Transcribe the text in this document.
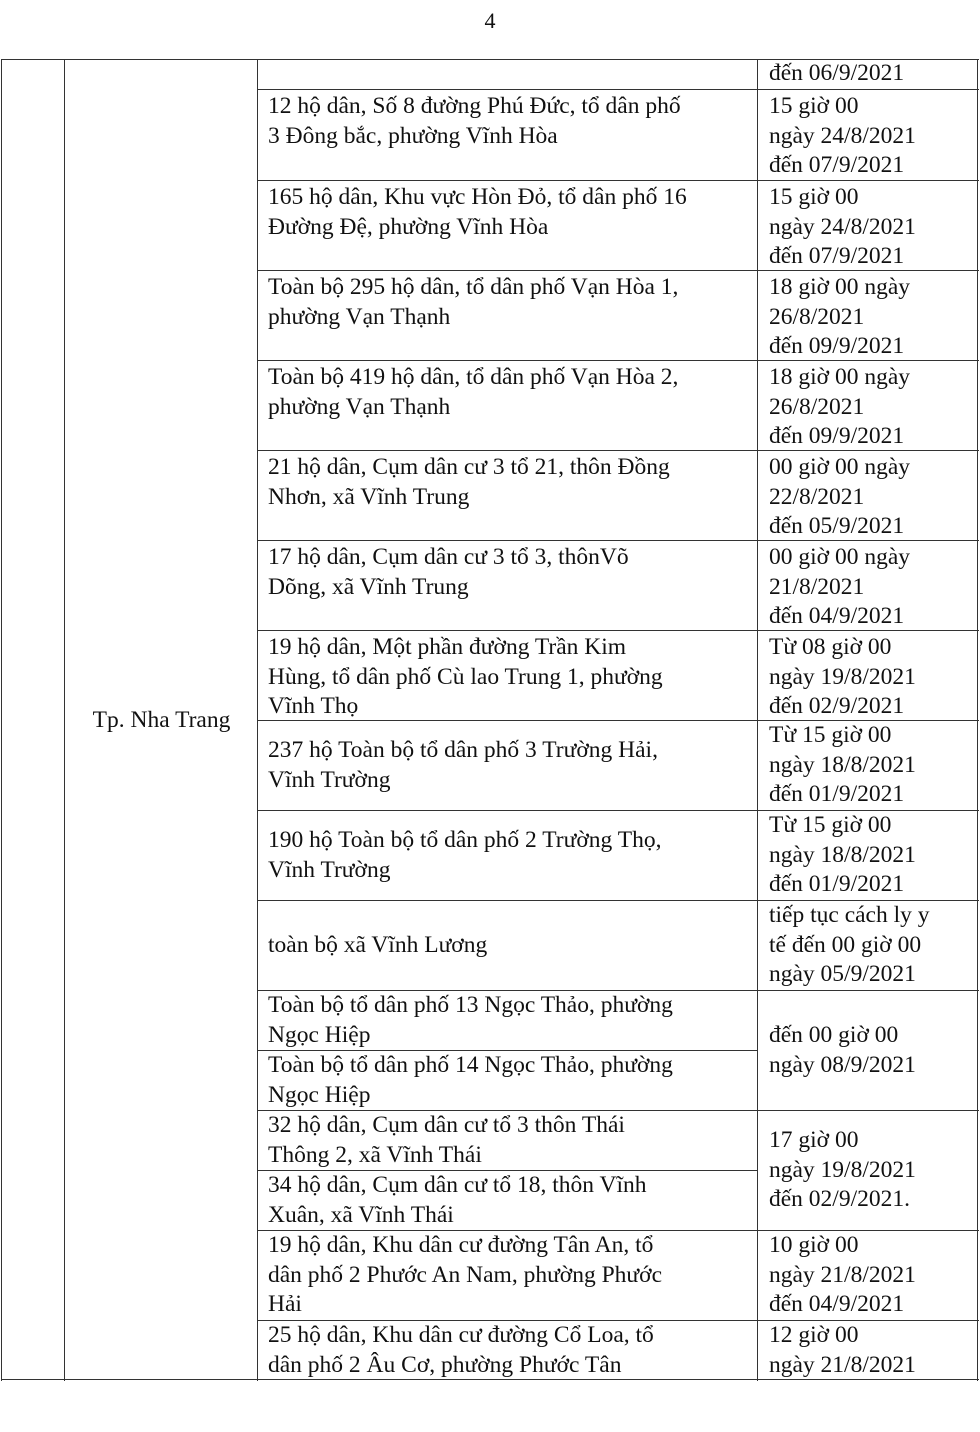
4
Tp. Nha Trang
đến 06/9/2021
12 hộ dân, Số 8 đường Phú Đức, tổ dân phố
3 Đông bắc, phường Vĩnh Hòa
15 giờ 00
ngày 24/8/2021
đến 07/9/2021
165 hộ dân, Khu vực Hòn Đỏ, tổ dân phố 16
Đường Đệ, phường Vĩnh Hòa
15 giờ 00
ngày 24/8/2021
đến 07/9/2021
Toàn bộ 295 hộ dân, tổ dân phố Vạn Hòa 1,
phường Vạn Thạnh
18 giờ 00 ngày
26/8/2021
đến 09/9/2021
Toàn bộ 419 hộ dân, tổ dân phố Vạn Hòa 2,
phường Vạn Thạnh
18 giờ 00 ngày
26/8/2021
đến 09/9/2021
21 hộ dân, Cụm dân cư 3 tổ 21, thôn Đồng
Nhơn, xã Vĩnh Trung
00 giờ 00 ngày
22/8/2021
đến 05/9/2021
17 hộ dân, Cụm dân cư 3 tổ 3, thônVõ
Dõng, xã Vĩnh Trung
00 giờ 00 ngày
21/8/2021
đến 04/9/2021
19 hộ dân, Một phần đường Trần Kim
Hùng, tổ dân phố Cù lao Trung 1, phường
Vĩnh Thọ
Từ 08 giờ 00
ngày 19/8/2021
đến 02/9/2021
237 hộ Toàn bộ tổ dân phố 3 Trường Hải,
Vĩnh Trường
Từ 15 giờ 00
ngày 18/8/2021
đến 01/9/2021
190 hộ Toàn bộ tổ dân phố 2 Trường Thọ,
Vĩnh Trường
Từ 15 giờ 00
ngày 18/8/2021
đến 01/9/2021
toàn bộ xã Vĩnh Lương
tiếp tục cách ly y
tế đến 00 giờ 00
ngày 05/9/2021
Toàn bộ tổ dân phố 13 Ngọc Thảo, phường
Ngọc Hiệp
Toàn bộ tổ dân phố 14 Ngọc Thảo, phường
Ngọc Hiệp
đến 00 giờ 00
ngày 08/9/2021
32 hộ dân, Cụm dân cư tổ 3 thôn Thái
Thông 2, xã Vĩnh Thái
34 hộ dân, Cụm dân cư tổ 18, thôn Vĩnh
Xuân, xã Vĩnh Thái
17 giờ 00
ngày 19/8/2021
đến 02/9/2021.
19 hộ dân, Khu dân cư đường Tân An, tổ
dân phố 2 Phước An Nam, phường Phước
Hải
10 giờ 00
ngày 21/8/2021
đến 04/9/2021
25 hộ dân, Khu dân cư đường Cổ Loa, tổ
dân phố 2 Âu Cơ, phường Phước Tân
12 giờ 00
ngày 21/8/2021
